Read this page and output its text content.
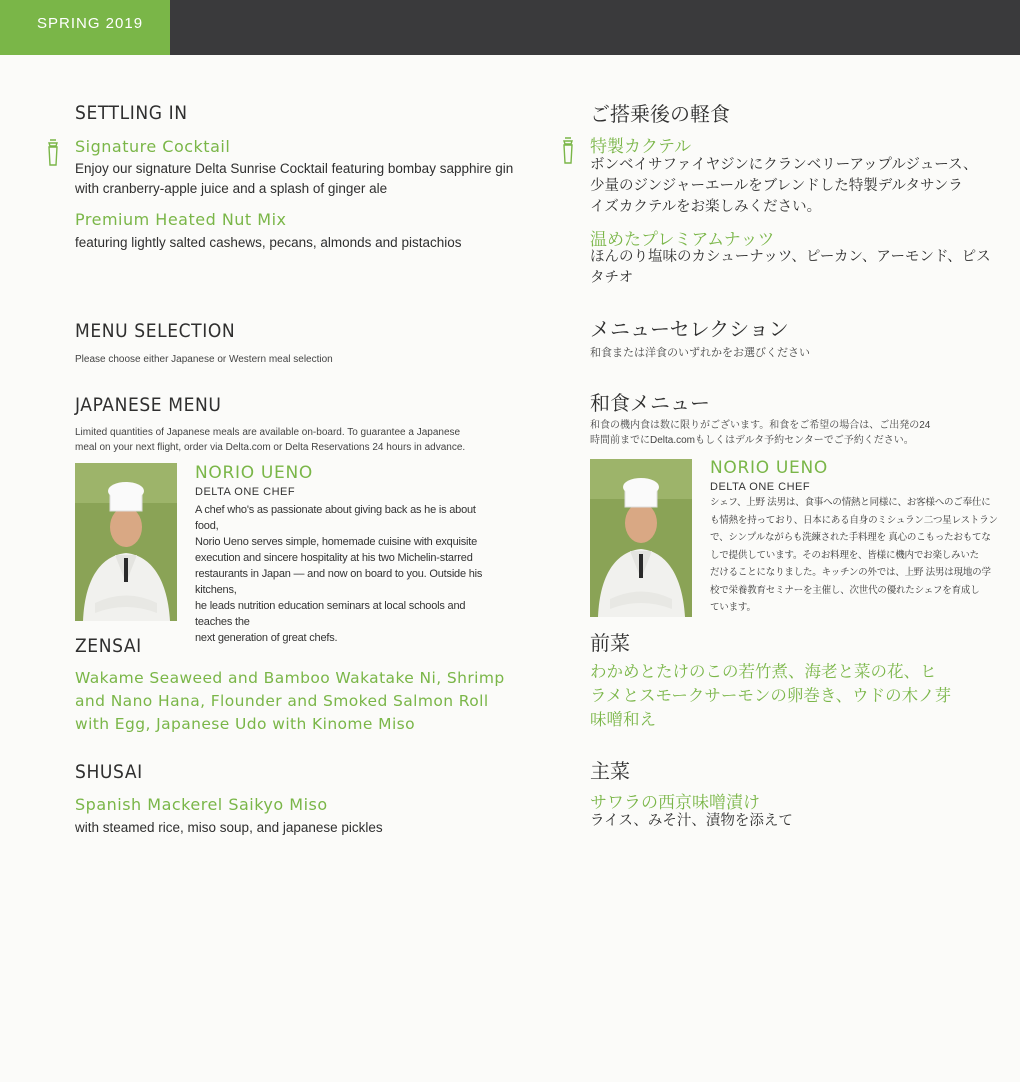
SPRING 2019
SETTLING IN
Signature Cocktail
Enjoy our signature Delta Sunrise Cocktail featuring bombay sapphire gin
with cranberry-apple juice and a splash of ginger ale
Premium Heated Nut Mix
featuring lightly salted cashews, pecans, almonds and pistachios
MENU SELECTION
Please choose either Japanese or Western meal selection
JAPANESE MENU
Limited quantities of Japanese meals are available on-board. To guarantee a Japanese
meal on your next flight, order via Delta.com or Delta Reservations 24 hours in advance.
NORIO UENO
DELTA ONE CHEF
A chef who's as passionate about giving back as he is about food,
Norio Ueno serves simple, homemade cuisine with exquisite
execution and sincere hospitality at his two Michelin-starred
restaurants in Japan — and now on board to you. Outside his kitchens,
he leads nutrition education seminars at local schools and teaches the
next generation of great chefs.
ZENSAI
Wakame Seaweed and Bamboo Wakatake Ni, Shrimp
and Nano Hana, Flounder and Smoked Salmon Roll
with Egg, Japanese Udo with Kinome Miso
SHUSAI
Spanish Mackerel Saikyo Miso
with steamed rice, miso soup, and japanese pickles
ご搭乗後の軽食
特製カクテル
ボンベイサファイヤジンにクランベリーアップルジュース、
少量のジンジャーエールをブレンドした特製デルタサンラ
イズカクテルをお楽しみください。
温めたプレミアムナッツ
ほんのり塩味のカシューナッツ、ピーカン、アーモンド、ピス
タチオ
メニューセレクション
和食または洋食のいずれかをお選びください
和食メニュー
和食の機内食は数に限りがございます。和食をご希望の場合は、ご出発の24
時間前までにDelta.comもしくはデルタ予約センターでご予約ください。
NORIO UENO
DELTA ONE CHEF
シェフ、上野 法男は、食事への情熱と同様に、お客様へのご奉仕に
も情熱を持っており、日本にある自身のミシュラン二つ星レストラン
で、シンプルながらも洗練された手料理を 真心のこもったおもてな
しで提供しています。そのお料理を、皆様に機内でお楽しみいた
だけることになりました。キッチンの外では、上野 法男は現地の学
校で栄養教育セミナーを主催し、次世代の優れたシェフを育成し
ています。
前菜
わかめとたけのこの若竹煮、海老と菜の花、ヒ
ラメとスモークサーモンの卵巻き、ウドの木ノ芽
味噌和え
主菜
サワラの西京味噌漬け
ライス、みそ汁、漬物を添えて
